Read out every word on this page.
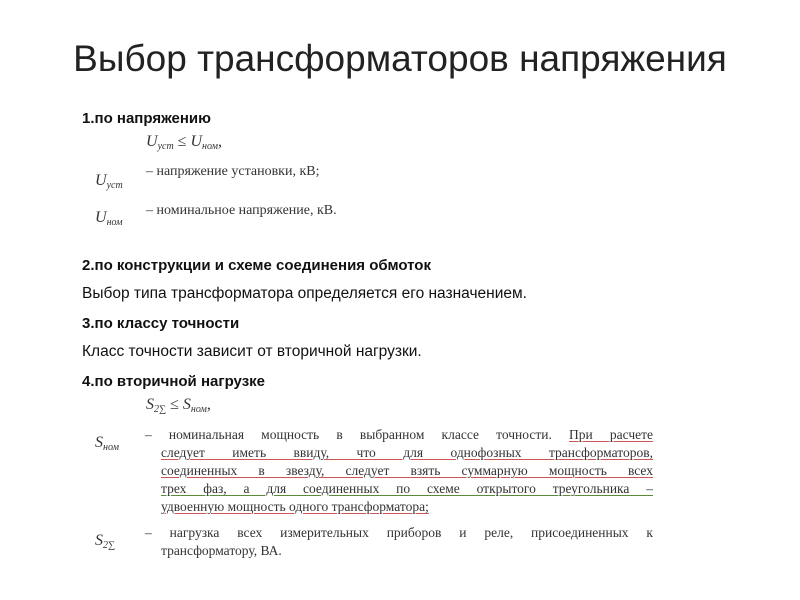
Выбор трансформаторов напряжения
1.по напряжению
$U_{уст} \le U_{ном}$,
$U_{уст}$
– напряжение установки, кВ;
$U_{ном}$
– номинальное напряжение, кВ.
2.по конструкции и схеме соединения обмоток
Выбор типа трансформатора определяется его назначением.
3.по классу точности
Класс точности зависит от вторичной нагрузки.
4.по вторичной нагрузке
$S_{2\sum} \le S_{ном}$,
$S_{ном}$
– номинальная мощность в выбранном классе точности. При расчете
следует иметь ввиду, что для однофозных трансформаторов,
соединенных в звезду, следует взять суммарную мощность всех
трех фаз, а для соединенных по схеме открытого треугольника –
удвоенную мощность одного трансформатора;
$S_{2\sum}$
– нагрузка всех измерительных приборов и реле, присоединенных к
трансформатору, ВА.
